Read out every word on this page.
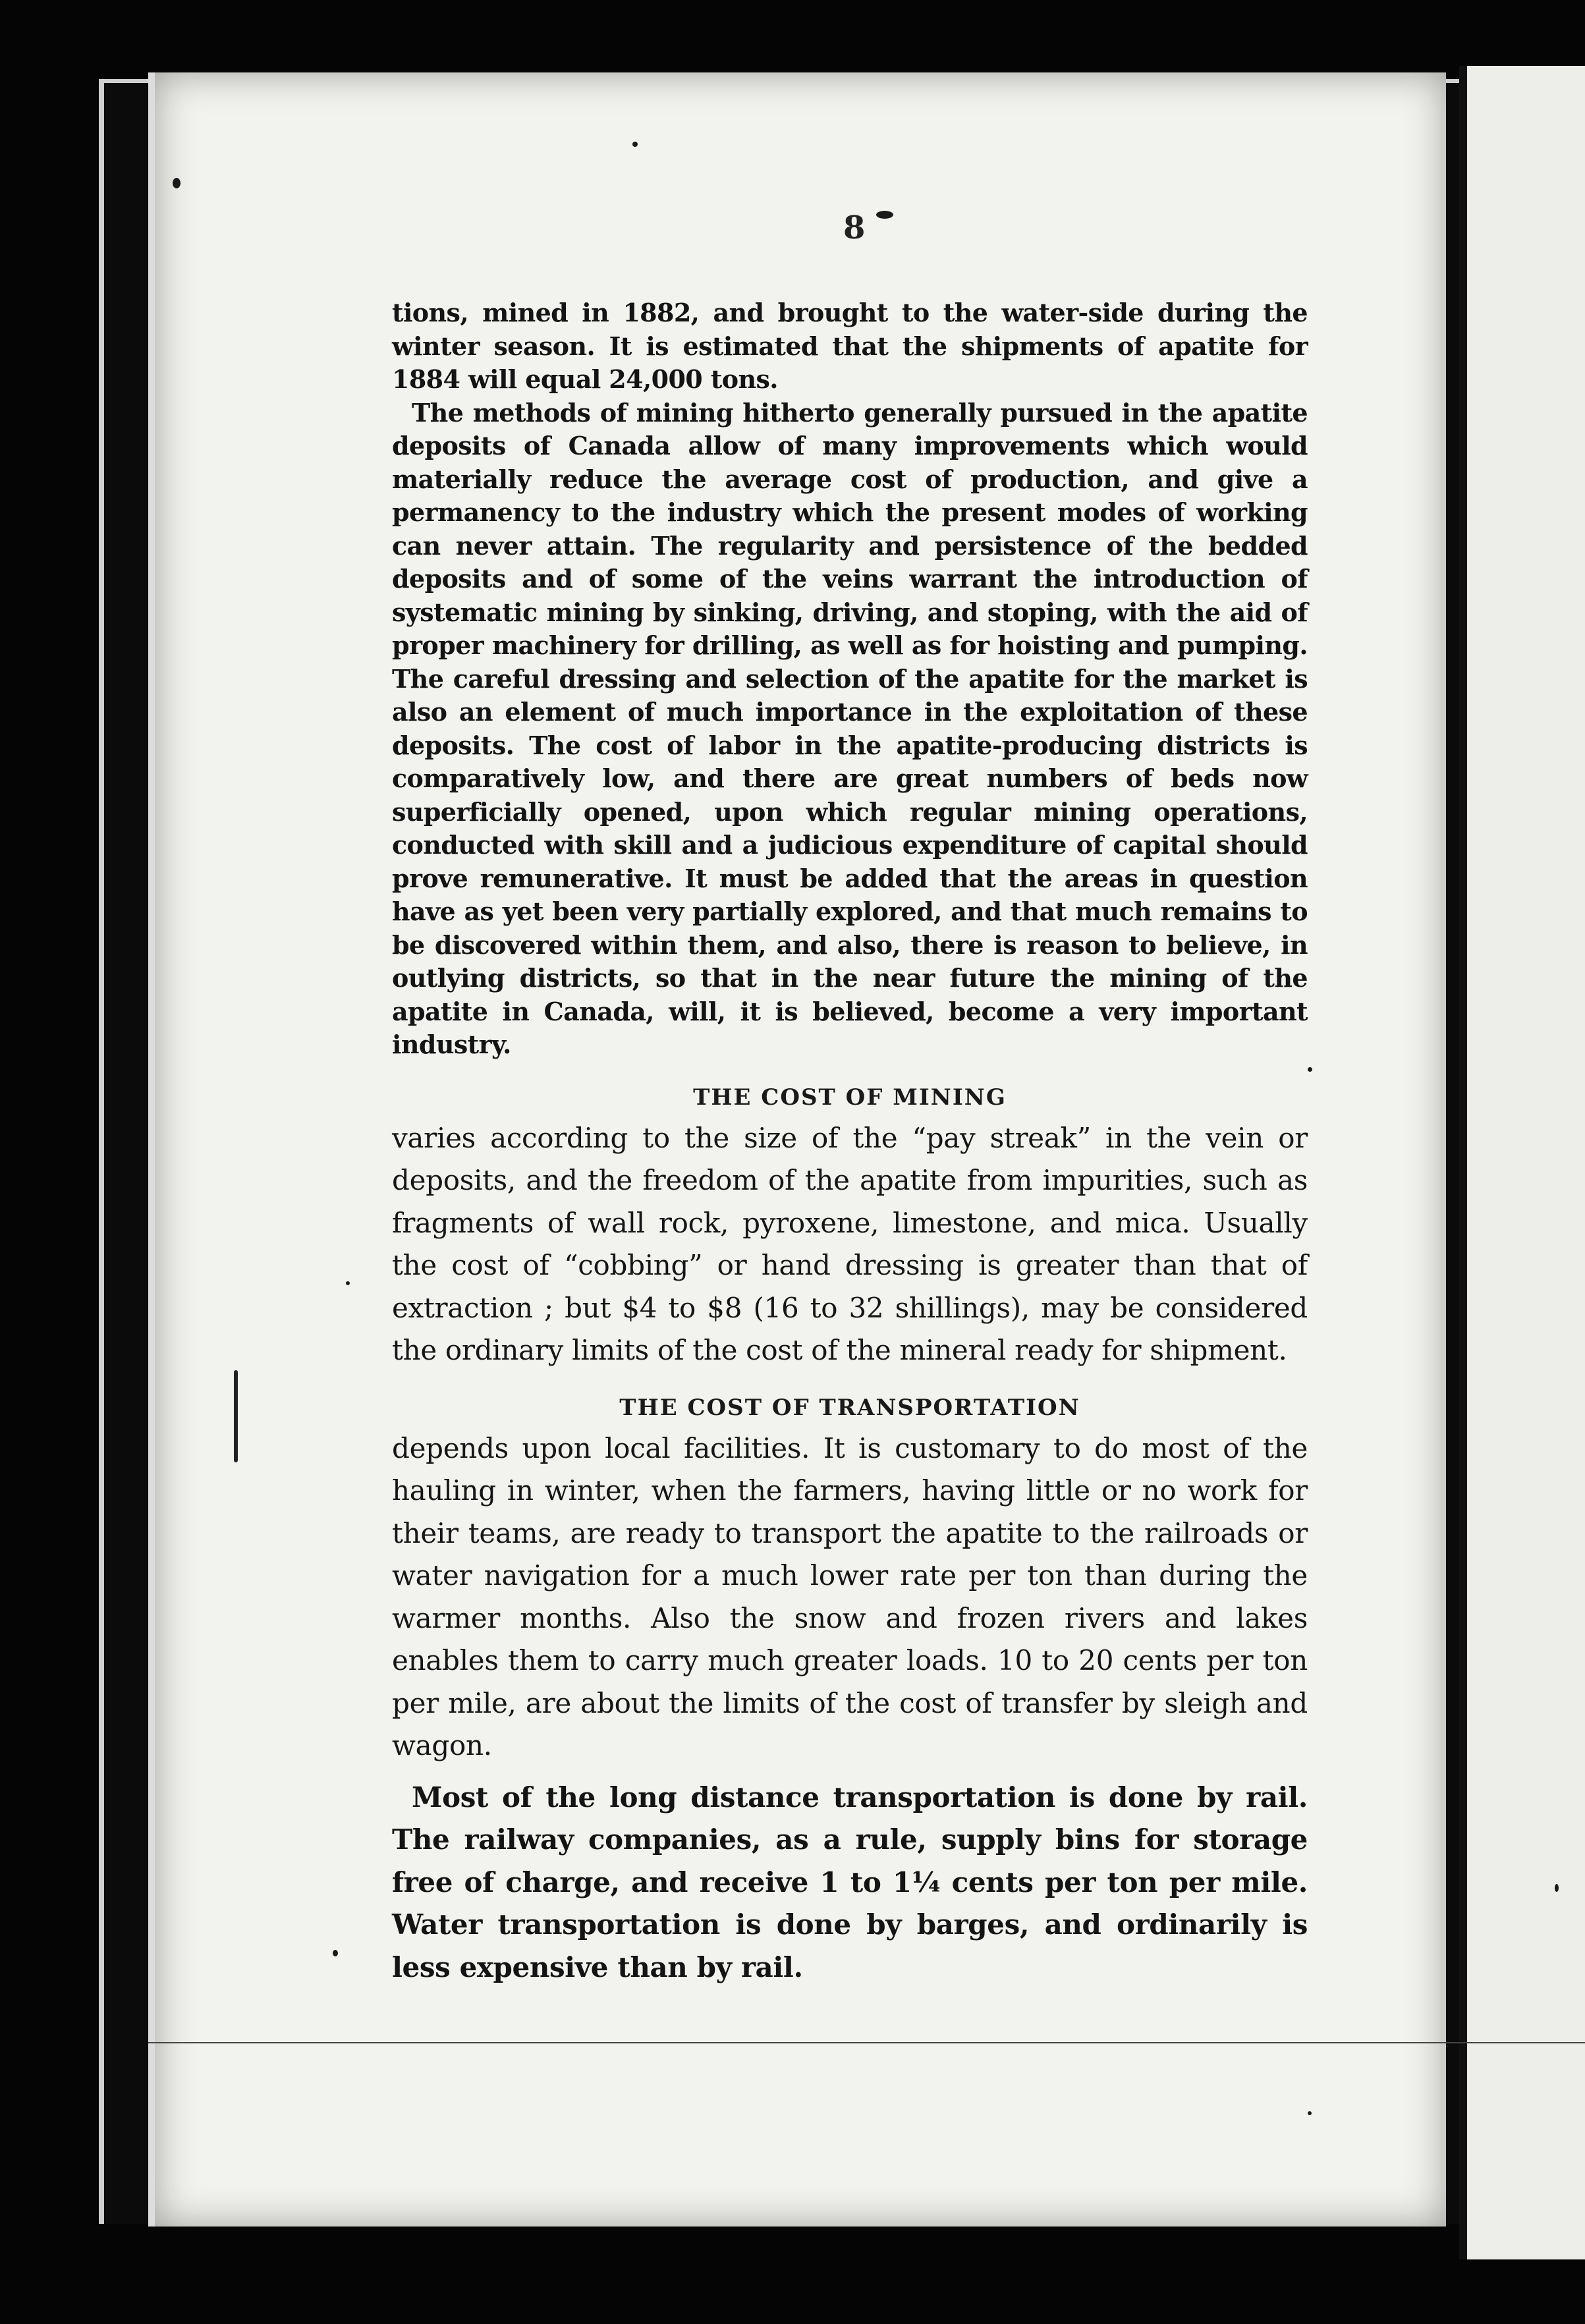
8

tions, mined in 1882, and brought to the water-side during the winter season. It is estimated that the shipments of apatite for 1884 will equal 24,000 tons.

The methods of mining hitherto generally pursued in the apatite deposits of Canada allow of many improvements which would materially reduce the average cost of production, and give a permanency to the industry which the present modes of working can never attain. The regularity and persistence of the bedded deposits and of some of the veins warrant the introduction of systematic mining by sinking, driving, and stoping, with the aid of proper machinery for drilling, as well as for hoisting and pumping. The careful dressing and selection of the apatite for the market is also an element of much importance in the exploitation of these deposits. The cost of labor in the apatite-producing districts is comparatively low, and there are great numbers of beds now superficially opened, upon which regular mining operations, conducted with skill and a judicious expenditure of capital should prove remunerative. It must be added that the areas in question have as yet been very partially explored, and that much remains to be discovered within them, and also, there is reason to believe, in outlying districts, so that in the near future the mining of the apatite in Canada, will, it is believed, become a very important industry.

THE COST OF MINING

varies according to the size of the “pay streak” in the vein or deposits, and the freedom of the apatite from impurities, such as fragments of wall rock, pyroxene, limestone, and mica. Usually the cost of “cobbing” or hand dressing is greater than that of extraction ; but $4 to $8 (16 to 32 shillings), may be considered the ordinary limits of the cost of the mineral ready for shipment.

THE COST OF TRANSPORTATION

depends upon local facilities. It is customary to do most of the hauling in winter, when the farmers, having little or no work for their teams, are ready to transport the apatite to the railroads or water navigation for a much lower rate per ton than during the warmer months. Also the snow and frozen rivers and lakes enables them to carry much greater loads. 10 to 20 cents per ton per mile, are about the limits of the cost of transfer by sleigh and wagon.

Most of the long distance transportation is done by rail. The railway companies, as a rule, supply bins for storage free of charge, and receive 1 to 1¼ cents per ton per mile. Water transportation is done by barges, and ordinarily is less expensive than by rail.
